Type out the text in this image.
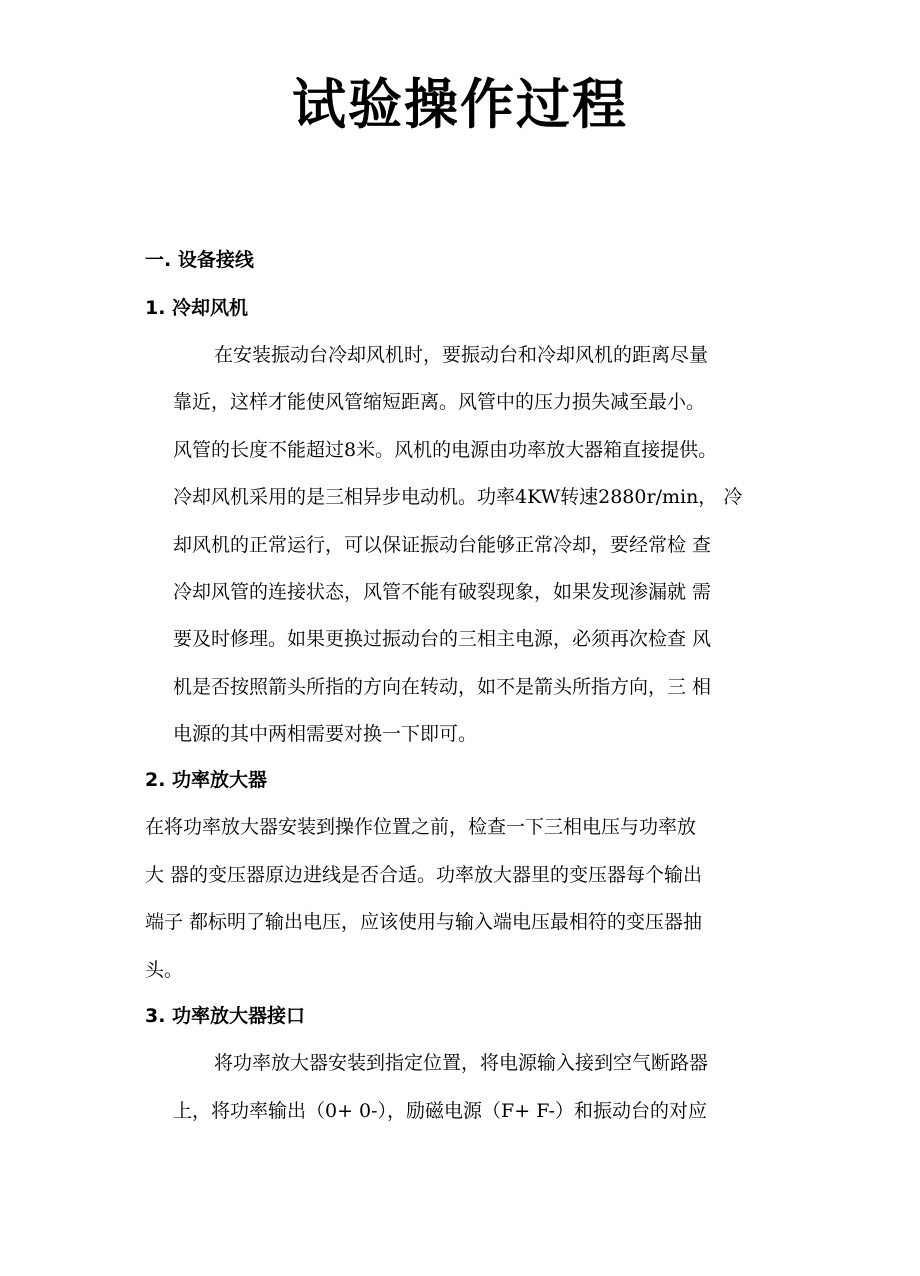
试验操作过程
一. 设备接线
1. 冷却风机
在安装振动台冷却风机时，要振动台和冷却风机的距离尽量
靠近，这样才能使风管缩短距离。风管中的压力损失减至最小。
风管的长度不能超过8米。风机的电源由功率放大器箱直接提供。
冷却风机采用的是三相异步电动机。功率4KW转速2880r/min， 冷
却风机的正常运行，可以保证振动台能够正常冷却，要经常检 查
冷却风管的连接状态，风管不能有破裂现象，如果发现渗漏就 需
要及时修理。如果更换过振动台的三相主电源，必须再次检查 风
机是否按照箭头所指的方向在转动，如不是箭头所指方向，三 相
电源的其中两相需要对换一下即可。
2. 功率放大器
在将功率放大器安装到操作位置之前，检查一下三相电压与功率放
大 器的变压器原边进线是否合适。功率放大器里的变压器每个输出
端子 都标明了输出电压，应该使用与输入端电压最相符的变压器抽
头。
3. 功率放大器接口
将功率放大器安装到指定位置，将电源输入接到空气断路器
上，将功率输出（0+ 0-），励磁电源（F+ F-）和振动台的对应
